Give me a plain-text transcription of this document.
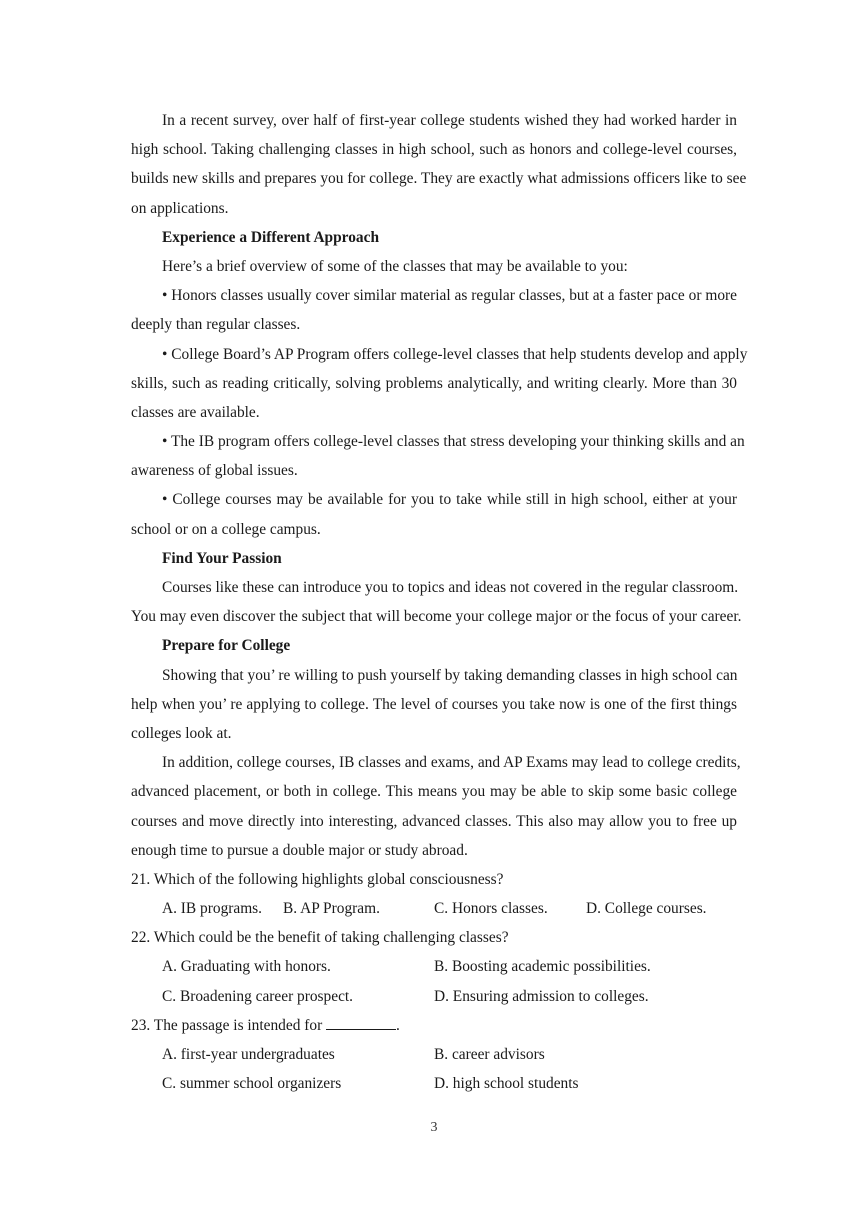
In a recent survey, over half of first-year college students wished they had worked harder in
high school. Taking challenging classes in high school, such as honors and college-level courses,
builds new skills and prepares you for college. They are exactly what admissions officers like to see
on applications.
Experience a Different Approach
Here’s a brief overview of some of the classes that may be available to you:
• Honors classes usually cover similar material as regular classes, but at a faster pace or more
deeply than regular classes.
• College Board’s AP Program offers college-level classes that help students develop and apply
skills, such as reading critically, solving problems analytically, and writing clearly. More than 30
classes are available.
• The IB program offers college-level classes that stress developing your thinking skills and an
awareness of global issues.
• College courses may be available for you to take while still in high school, either at your
school or on a college campus.
Find Your Passion
Courses like these can introduce you to topics and ideas not covered in the regular classroom.
You may even discover the subject that will become your college major or the focus of your career.
Prepare for College
Showing that you’ re willing to push yourself by taking demanding classes in high school can
help when you’ re applying to college. The level of courses you take now is one of the first things
colleges look at.
In addition, college courses, IB classes and exams, and AP Exams may lead to college credits,
advanced placement, or both in college. This means you may be able to skip some basic college
courses and move directly into interesting, advanced classes. This also may allow you to free up
enough time to pursue a double major or study abroad.
21. Which of the following highlights global consciousness?
A. IB programs. B. AP Program.	C. Honors classes. D. College courses.
22. Which could be the benefit of taking challenging classes?
A. Graduating with honors.	B. Boosting academic possibilities.
C. Broadening career prospect.	D. Ensuring admission to colleges.
23. The passage is intended for	.
A. first-year undergraduates	B. career advisors
C. summer school organizers	D. high school students
3
